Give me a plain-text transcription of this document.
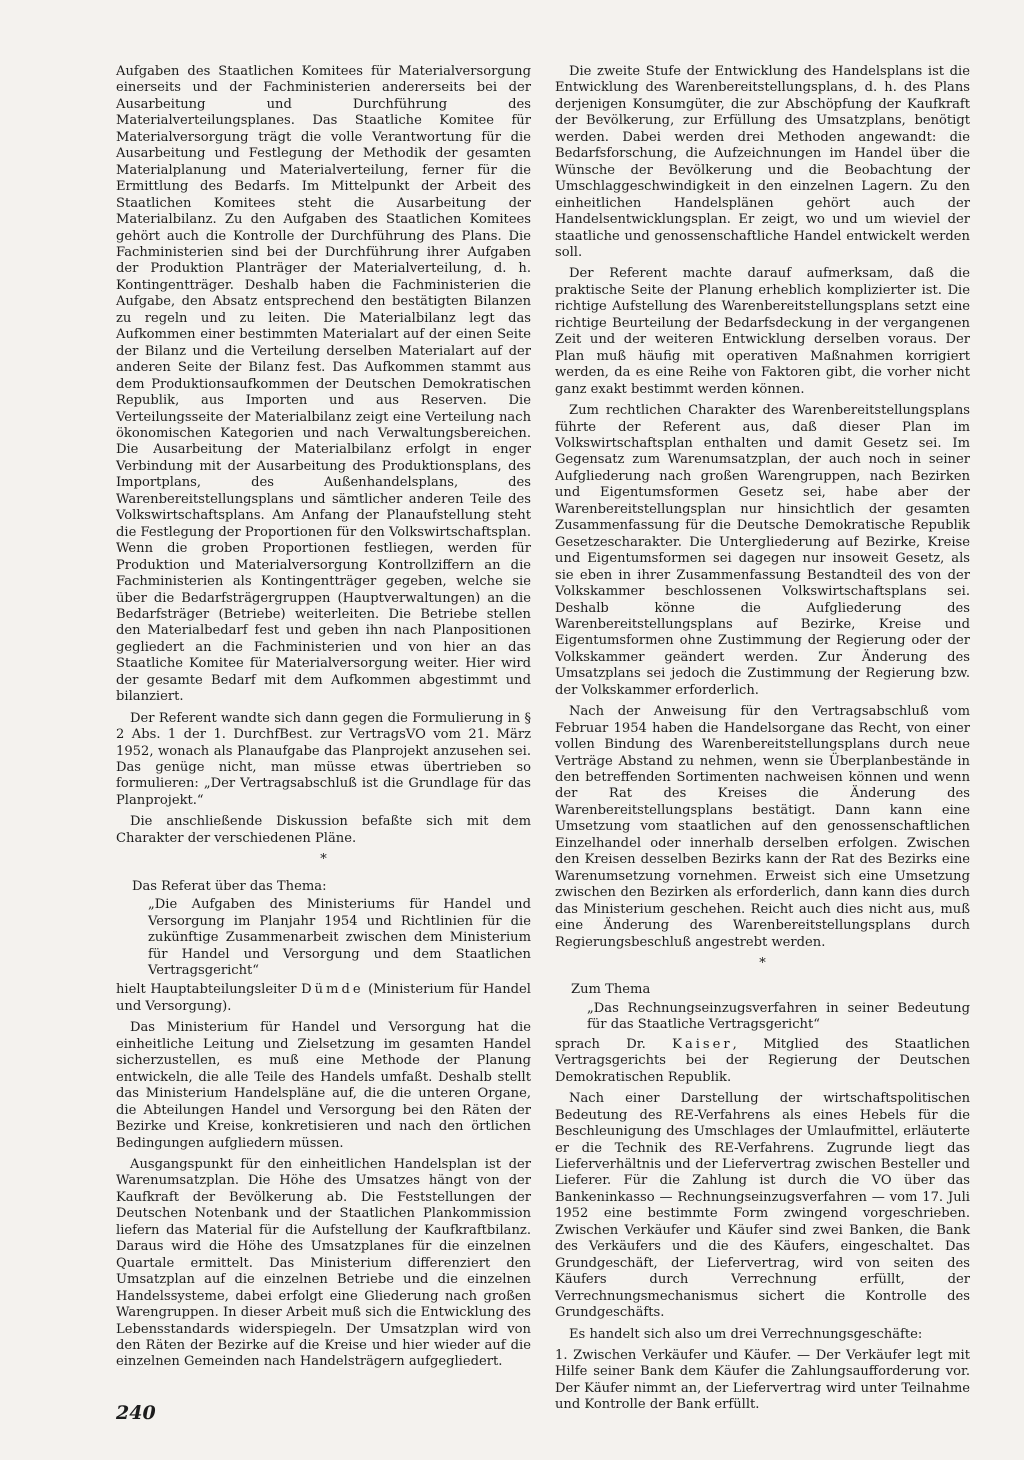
Aufgaben des Staatlichen Komitees für Materialversorgung einerseits und der Fachministerien andererseits bei der Ausarbeitung und Durchführung des Materialverteilungsplanes. Das Staatliche Komitee für Materialversorgung trägt die volle Verantwortung für die Ausarbeitung und Festlegung der Methodik der gesamten Materialplanung und Materialverteilung, ferner für die Ermittlung des Bedarfs. Im Mittelpunkt der Arbeit des Staatlichen Komitees steht die Ausarbeitung der Materialbilanz. Zu den Aufgaben des Staatlichen Komitees gehört auch die Kontrolle der Durchführung des Plans. Die Fachministerien sind bei der Durchführung ihrer Aufgaben der Produktion Planträger der Materialverteilung, d. h. Kontingentträger. Deshalb haben die Fachministerien die Aufgabe, den Absatz entsprechend den bestätigten Bilanzen zu regeln und zu leiten. Die Materialbilanz legt das Aufkommen einer bestimmten Materialart auf der einen Seite der Bilanz und die Verteilung derselben Materialart auf der anderen Seite der Bilanz fest. Das Aufkommen stammt aus dem Produktionsaufkommen der Deutschen Demokratischen Republik, aus Importen und aus Reserven. Die Verteilungsseite der Materialbilanz zeigt eine Verteilung nach ökonomischen Kategorien und nach Verwaltungsbereichen. Die Ausarbeitung der Materialbilanz erfolgt in enger Verbindung mit der Ausarbeitung des Produktionsplans, des Importplans, des Außenhandelsplans, des Warenbereitstellungsplans und sämtlicher anderen Teile des Volkswirtschaftsplans. Am Anfang der Planaufstellung steht die Festlegung der Proportionen für den Volkswirtschaftsplan. Wenn die groben Proportionen festliegen, werden für Produktion und Materialversorgung Kontrollziffern an die Fachministerien als Kontingentträger gegeben, welche sie über die Bedarfsträgergruppen (Hauptverwaltungen) an die Bedarfsträger (Betriebe) weiterleiten. Die Betriebe stellen den Materialbedarf fest und geben ihn nach Planpositionen gegliedert an die Fachministerien und von hier an das Staatliche Komitee für Materialversorgung weiter. Hier wird der gesamte Bedarf mit dem Aufkommen abgestimmt und bilanziert.

Der Referent wandte sich dann gegen die Formulierung in § 2 Abs. 1 der 1. DurchfBest. zur VertragsVO vom 21. März 1952, wonach als Planaufgabe das Planprojekt anzusehen sei. Das genüge nicht, man müsse etwas übertrieben so formulieren: „Der Vertragsabschluß ist die Grundlage für das Planprojekt.“

Die anschließende Diskussion befaßte sich mit dem Charakter der verschiedenen Pläne.

*

Das Referat über das Thema:

„Die Aufgaben des Ministeriums für Handel und Versorgung im Planjahr 1954 und Richtlinien für die zukünftige Zusammenarbeit zwischen dem Ministerium für Handel und Versorgung und dem Staatlichen Vertragsgericht“

hielt Hauptabteilungsleiter Dümde (Ministerium für Handel und Versorgung).

Das Ministerium für Handel und Versorgung hat die einheitliche Leitung und Zielsetzung im gesamten Handel sicherzustellen, es muß eine Methode der Planung entwickeln, die alle Teile des Handels umfaßt. Deshalb stellt das Ministerium Handelspläne auf, die die unteren Organe, die Abteilungen Handel und Versorgung bei den Räten der Bezirke und Kreise, konkretisieren und nach den örtlichen Bedingungen aufgliedern müssen.

Ausgangspunkt für den einheitlichen Handelsplan ist der Warenumsatzplan. Die Höhe des Umsatzes hängt von der Kaufkraft der Bevölkerung ab. Die Feststellungen der Deutschen Notenbank und der Staatlichen Plankommission liefern das Material für die Aufstellung der Kaufkraftbilanz. Daraus wird die Höhe des Umsatzplanes für die einzelnen Quartale ermittelt. Das Ministerium differenziert den Umsatzplan auf die einzelnen Betriebe und die einzelnen Handelssysteme, dabei erfolgt eine Gliederung nach großen Warengruppen. In dieser Arbeit muß sich die Entwicklung des Lebensstandards widerspiegeln. Der Umsatzplan wird von den Räten der Bezirke auf die Kreise und hier wieder auf die einzelnen Gemeinden nach Handelsträgern aufgegliedert.

Die zweite Stufe der Entwicklung des Handelsplans ist die Entwicklung des Warenbereitstellungsplans, d. h. des Plans derjenigen Konsumgüter, die zur Abschöpfung der Kaufkraft der Bevölkerung, zur Erfüllung des Umsatzplans, benötigt werden. Dabei werden drei Methoden angewandt: die Bedarfsforschung, die Aufzeichnungen im Handel über die Wünsche der Bevölkerung und die Beobachtung der Umschlaggeschwindigkeit in den einzelnen Lagern. Zu den einheitlichen Handelsplänen gehört auch der Handelsentwicklungsplan. Er zeigt, wo und um wieviel der staatliche und genossenschaftliche Handel entwickelt werden soll.

Der Referent machte darauf aufmerksam, daß die praktische Seite der Planung erheblich komplizierter ist. Die richtige Aufstellung des Warenbereitstellungsplans setzt eine richtige Beurteilung der Bedarfsdeckung in der vergangenen Zeit und der weiteren Entwicklung derselben voraus. Der Plan muß häufig mit operativen Maßnahmen korrigiert werden, da es eine Reihe von Faktoren gibt, die vorher nicht ganz exakt bestimmt werden können.

Zum rechtlichen Charakter des Warenbereitstellungsplans führte der Referent aus, daß dieser Plan im Volkswirtschaftsplan enthalten und damit Gesetz sei. Im Gegensatz zum Warenumsatzplan, der auch noch in seiner Aufgliederung nach großen Warengruppen, nach Bezirken und Eigentumsformen Gesetz sei, habe aber der Warenbereitstellungsplan nur hinsichtlich der gesamten Zusammenfassung für die Deutsche Demokratische Republik Gesetzescharakter. Die Untergliederung auf Bezirke, Kreise und Eigentumsformen sei dagegen nur insoweit Gesetz, als sie eben in ihrer Zusammenfassung Bestandteil des von der Volkskammer beschlossenen Volkswirtschaftsplans sei. Deshalb könne die Aufgliederung des Warenbereitstellungsplans auf Bezirke, Kreise und Eigentumsformen ohne Zustimmung der Regierung oder der Volkskammer geändert werden. Zur Änderung des Umsatzplans sei jedoch die Zustimmung der Regierung bzw. der Volkskammer erforderlich.

Nach der Anweisung für den Vertragsabschluß vom Februar 1954 haben die Handelsorgane das Recht, von einer vollen Bindung des Warenbereitstellungsplans durch neue Verträge Abstand zu nehmen, wenn sie Überplanbestände in den betreffenden Sortimenten nachweisen können und wenn der Rat des Kreises die Änderung des Warenbereitstellungsplans bestätigt. Dann kann eine Umsetzung vom staatlichen auf den genossenschaftlichen Einzelhandel oder innerhalb derselben erfolgen. Zwischen den Kreisen desselben Bezirks kann der Rat des Bezirks eine Warenumsetzung vornehmen. Erweist sich eine Umsetzung zwischen den Bezirken als erforderlich, dann kann dies durch das Ministerium geschehen. Reicht auch dies nicht aus, muß eine Änderung des Warenbereitstellungsplans durch Regierungsbeschluß angestrebt werden.

*

Zum Thema

„Das Rechnungseinzugsverfahren in seiner Bedeutung für das Staatliche Vertragsgericht“

sprach Dr. Kaiser, Mitglied des Staatlichen Vertragsgerichts bei der Regierung der Deutschen Demokratischen Republik.

Nach einer Darstellung der wirtschaftspolitischen Bedeutung des RE-Verfahrens als eines Hebels für die Beschleunigung des Umschlages der Umlaufmittel, erläuterte er die Technik des RE-Verfahrens. Zugrunde liegt das Lieferverhältnis und der Liefervertrag zwischen Besteller und Lieferer. Für die Zahlung ist durch die VO über das Bankeninkasso — Rechnungseinzugsverfahren — vom 17. Juli 1952 eine bestimmte Form zwingend vorgeschrieben. Zwischen Verkäufer und Käufer sind zwei Banken, die Bank des Verkäufers und die des Käufers, eingeschaltet. Das Grundgeschäft, der Liefervertrag, wird von seiten des Käufers durch Verrechnung erfüllt, der Verrechnungsmechanismus sichert die Kontrolle des Grundgeschäfts.

Es handelt sich also um drei Verrechnungsgeschäfte:

1. Zwischen Verkäufer und Käufer. — Der Verkäufer legt mit Hilfe seiner Bank dem Käufer die Zahlungsaufforderung vor. Der Käufer nimmt an, der Liefervertrag wird unter Teilnahme und Kontrolle der Bank erfüllt.

240
